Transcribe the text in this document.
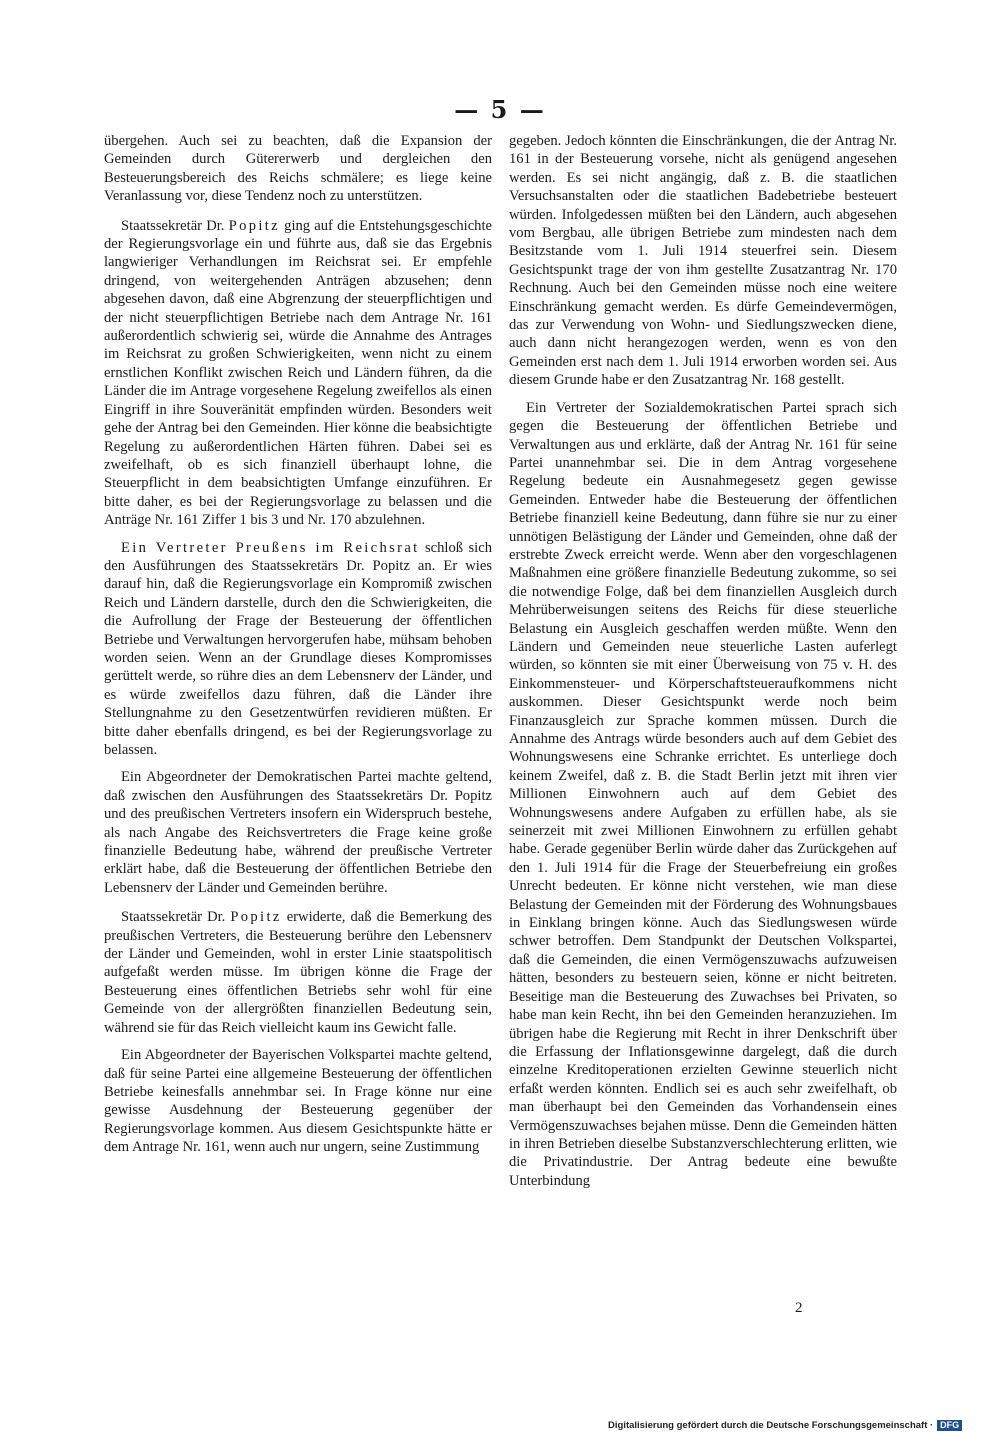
— 5 —

übergehen. Auch sei zu beachten, daß die Expansion der Gemeinden durch Gütererwerb und dergleichen den Besteuerungsbereich des Reichs schmälere; es liege keine Veranlassung vor, diese Tendenz noch zu unterstützen.

Staatssekretär Dr. Popitz ging auf die Entstehungsgeschichte der Regierungsvorlage ein und führte aus, daß sie das Ergebnis langwieriger Verhandlungen im Reichsrat sei. Er empfehle dringend, von weitergehenden Anträgen abzusehen; denn abgesehen davon, daß eine Abgrenzung der steuerpflichtigen und der nicht steuerpflichtigen Betriebe nach dem Antrage Nr. 161 außerordentlich schwierig sei, würde die Annahme des Antrages im Reichsrat zu großen Schwierigkeiten, wenn nicht zu einem ernstlichen Konflikt zwischen Reich und Ländern führen, da die Länder die im Antrage vorgesehene Regelung zweifellos als einen Eingriff in ihre Souveränität empfinden würden. Besonders weit gehe der Antrag bei den Gemeinden. Hier könne die beabsichtigte Regelung zu außerordentlichen Härten führen. Dabei sei es zweifelhaft, ob es sich finanziell überhaupt lohne, die Steuerpflicht in dem beabsichtigten Umfange einzuführen. Er bitte daher, es bei der Regierungsvorlage zu belassen und die Anträge Nr. 161 Ziffer 1 bis 3 und Nr. 170 abzulehnen.

Ein Vertreter Preußens im Reichsrat schloß sich den Ausführungen des Staatssekretärs Dr. Popitz an. Er wies darauf hin, daß die Regierungsvorlage ein Kompromiß zwischen Reich und Ländern darstelle, durch den die Schwierigkeiten, die die Aufrollung der Frage der Besteuerung der öffentlichen Betriebe und Verwaltungen hervorgerufen habe, mühsam behoben worden seien. Wenn an der Grundlage dieses Kompromisses gerüttelt werde, so rühre dies an dem Lebensnerv der Länder, und es würde zweifellos dazu führen, daß die Länder ihre Stellungnahme zu den Gesetzentwürfen revidieren müßten. Er bitte daher ebenfalls dringend, es bei der Regierungsvorlage zu belassen.

Ein Abgeordneter der Demokratischen Partei machte geltend, daß zwischen den Ausführungen des Staatssekretärs Dr. Popitz und des preußischen Vertreters insofern ein Widerspruch bestehe, als nach Angabe des Reichsvertreters die Frage keine große finanzielle Bedeutung habe, während der preußische Vertreter erklärt habe, daß die Besteuerung der öffentlichen Betriebe den Lebensnerv der Länder und Gemeinden berühre.

Staatssekretär Dr. Popitz erwiderte, daß die Bemerkung des preußischen Vertreters, die Besteuerung berühre den Lebensnerv der Länder und Gemeinden, wohl in erster Linie staatspolitisch aufgefaßt werden müsse. Im übrigen könne die Frage der Besteuerung eines öffentlichen Betriebs sehr wohl für eine Gemeinde von der allergrößten finanziellen Bedeutung sein, während sie für das Reich vielleicht kaum ins Gewicht falle.

Ein Abgeordneter der Bayerischen Volkspartei machte geltend, daß für seine Partei eine allgemeine Besteuerung der öffentlichen Betriebe keinesfalls annehmbar sei. In Frage könne nur eine gewisse Ausdehnung der Besteuerung gegenüber der Regierungsvorlage kommen. Aus diesem Gesichtspunkte hätte er dem Antrage Nr. 161, wenn auch nur ungern, seine Zustimmung

gegeben. Jedoch könnten die Einschränkungen, die der Antrag Nr. 161 in der Besteuerung vorsehe, nicht als genügend angesehen werden. Es sei nicht angängig, daß z. B. die staatlichen Versuchsanstalten oder die staatlichen Badebetriebe besteuert würden. Infolgedessen müßten bei den Ländern, auch abgesehen vom Bergbau, alle übrigen Betriebe zum mindesten nach dem Besitzstande vom 1. Juli 1914 steuerfrei sein. Diesem Gesichtspunkt trage der von ihm gestellte Zusatzantrag Nr. 170 Rechnung. Auch bei den Gemeinden müsse noch eine weitere Einschränkung gemacht werden. Es dürfe Gemeindevermögen, das zur Verwendung von Wohn- und Siedlungszwecken diene, auch dann nicht herangezogen werden, wenn es von den Gemeinden erst nach dem 1. Juli 1914 erworben worden sei. Aus diesem Grunde habe er den Zusatzantrag Nr. 168 gestellt.

Ein Vertreter der Sozialdemokratischen Partei sprach sich gegen die Besteuerung der öffentlichen Betriebe und Verwaltungen aus und erklärte, daß der Antrag Nr. 161 für seine Partei unannehmbar sei. Die in dem Antrag vorgesehene Regelung bedeute ein Ausnahmegesetz gegen gewisse Gemeinden. Entweder habe die Besteuerung der öffentlichen Betriebe finanziell keine Bedeutung, dann führe sie nur zu einer unnötigen Belästigung der Länder und Gemeinden, ohne daß der erstrebte Zweck erreicht werde. Wenn aber den vorgeschlagenen Maßnahmen eine größere finanzielle Bedeutung zukomme, so sei die notwendige Folge, daß bei dem finanziellen Ausgleich durch Mehrüberweisungen seitens des Reichs für diese steuerliche Belastung ein Ausgleich geschaffen werden müßte. Wenn den Ländern und Gemeinden neue steuerliche Lasten auferlegt würden, so könnten sie mit einer Überweisung von 75 v. H. des Einkommensteuer- und Körperschaftsteueraufkommens nicht auskommen. Dieser Gesichtspunkt werde noch beim Finanzausgleich zur Sprache kommen müssen. Durch die Annahme des Antrags würde besonders auch auf dem Gebiet des Wohnungswesens eine Schranke errichtet. Es unterliege doch keinem Zweifel, daß z. B. die Stadt Berlin jetzt mit ihren vier Millionen Einwohnern auch auf dem Gebiet des Wohnungswesens andere Aufgaben zu erfüllen habe, als sie seinerzeit mit zwei Millionen Einwohnern zu erfüllen gehabt habe. Gerade gegenüber Berlin würde daher das Zurückgehen auf den 1. Juli 1914 für die Frage der Steuerbefreiung ein großes Unrecht bedeuten. Er könne nicht verstehen, wie man diese Belastung der Gemeinden mit der Förderung des Wohnungsbaues in Einklang bringen könne. Auch das Siedlungswesen würde schwer betroffen. Dem Standpunkt der Deutschen Volkspartei, daß die Gemeinden, die einen Vermögenszuwachs aufzuweisen hätten, besonders zu besteuern seien, könne er nicht beitreten. Beseitige man die Besteuerung des Zuwachses bei Privaten, so habe man kein Recht, ihn bei den Gemeinden heranzuziehen. Im übrigen habe die Regierung mit Recht in ihrer Denkschrift über die Erfassung der Inflationsgewinne dargelegt, daß die durch einzelne Kreditoperationen erzielten Gewinne steuerlich nicht erfaßt werden könnten. Endlich sei es auch sehr zweifelhaft, ob man überhaupt bei den Gemeinden das Vorhandensein eines Vermögenszuwachses bejahen müsse. Denn die Gemeinden hätten in ihren Betrieben dieselbe Substanzverschlechterung erlitten, wie die Privatindustrie. Der Antrag bedeute eine bewußte Unterbindung

2
Digitalisierung gefördert durch die Deutsche Forschungsgemeinschaft · DFG
